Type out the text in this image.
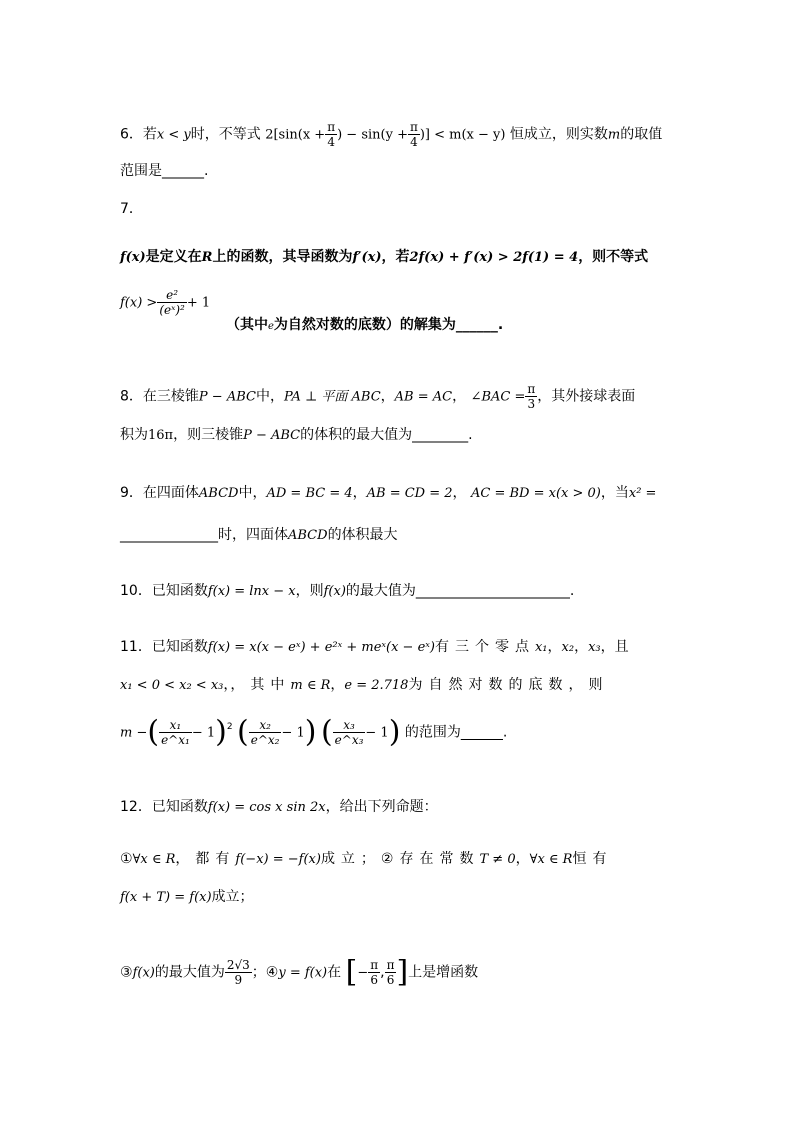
6．若x < y时，不等式 $2[\sin(x + \frac{\pi}{4}$ ) − $\sin(y + \frac{\pi}{4}$ )] < m(x − y) 恒成立，则实数m的取值
范围是______.
7．
f(x)是定义在R上的函数，其导函数为f′(x)，若2f(x) + f′(x) > 2f(1) = 4，则不等式
$f(x) > \frac{\text{e²}}{\text{(eˣ)²}} + 1$
（其中e为自然对数的底数）的解集为______.
8．在三棱锥P − ABC中，PA ⊥ 平面 ABC，AB = AC， ∠BAC = $\frac{\pi}{3}$ ，其外接球表面
积为16π，则三棱锥P − ABC的体积的最大值为________.
9．在四面体ABCD中，AD = BC = 4，AB = CD = 2， AC = BD = x(x > 0)，当x² =
______________时，四面体ABCD的体积最大
10．已知函数f(x) = lnx − x，则f(x)的最大值为______________________.
11．已知函数f(x) = x(x − eˣ) + e²ˣ + meˣ(x − eˣ)有三个零点x₁，x₂，x₃，且
x₁ < 0 < x₂ < x₃，，其中m ∈ R，e = 2.718为自然对数的底数，则
m −( $\frac{\text{x₁}}{\text{e\textasciicircum{}x₁}} - 1)^2$ ( $\frac{\text{x₂}}{\text{e\textasciicircum{}x₂}} - 1$) ( $\frac{\text{x₃}}{\text{e\textasciicircum{}x₃}} - 1$) 的范围为______.
12．已知函数f(x) = cos x sin 2x，给出下列命题：
①∀x ∈ R，都有f(−x) = −f(x)成立；②存在常数T ≠ 0，∀x ∈ R恒有
f(x + T) = f(x)成立；
③f(x)的最大值为 $\frac{2√3}{9}$ ；④y = f(x)在 [− $\frac{\pi}{6}$ , $\frac{\pi}{6}$ ]上是增函数
